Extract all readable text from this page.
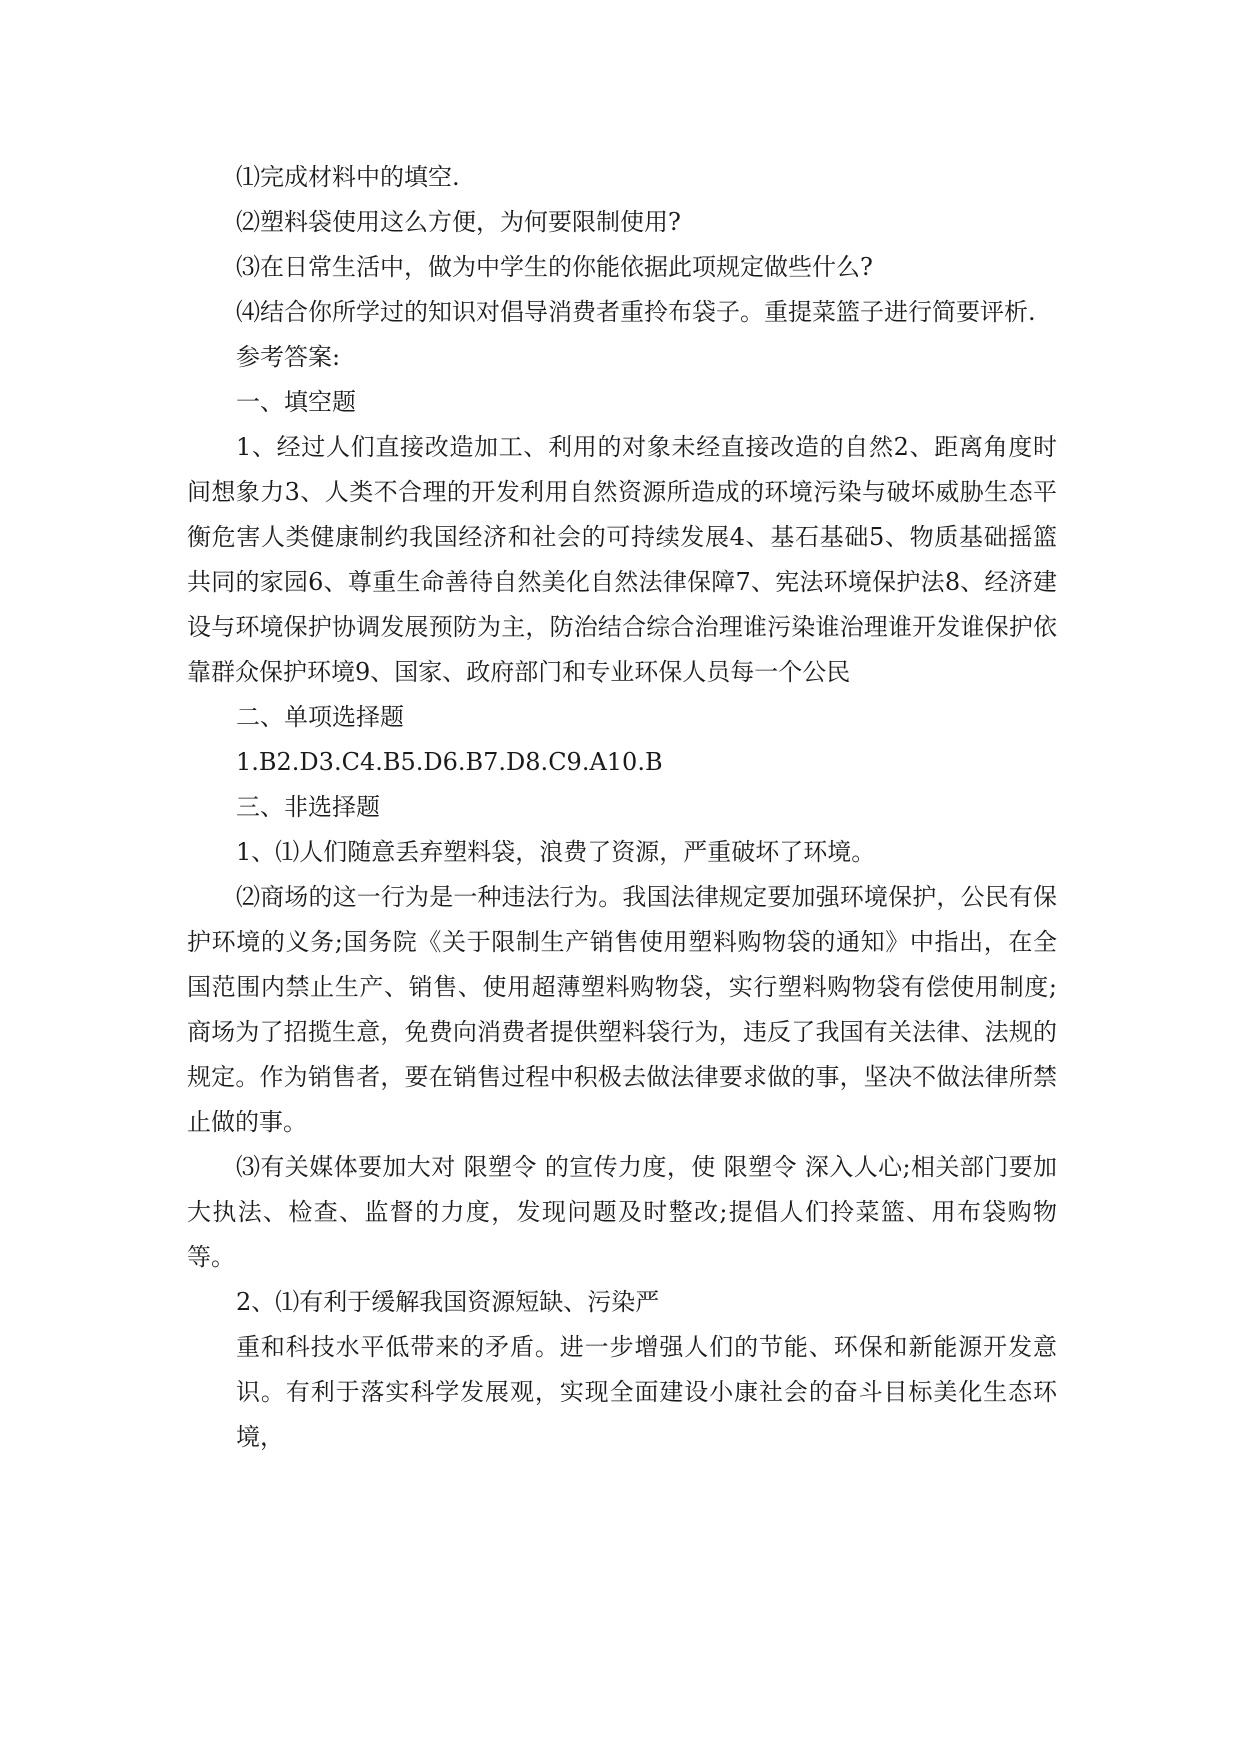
⑴完成材料中的填空.

⑵塑料袋使用这么方便，为何要限制使用?

⑶在日常生活中，做为中学生的你能依据此项规定做些什么?

⑷结合你所学过的知识对倡导消费者重拎布袋子。重提菜篮子进行简要评析.

参考答案:

一、填空题

1、经过人们直接改造加工、利用的对象未经直接改造的自然2、距离角度时间想象力3、人类不合理的开发利用自然资源所造成的环境污染与破坏威胁生态平衡危害人类健康制约我国经济和社会的可持续发展4、基石基础5、物质基础摇篮共同的家园6、尊重生命善待自然美化自然法律保障7、宪法环境保护法8、经济建设与环境保护协调发展预防为主，防治结合综合治理谁污染谁治理谁开发谁保护依靠群众保护环境9、国家、政府部门和专业环保人员每一个公民

二、单项选择题

1.B2.D3.C4.B5.D6.B7.D8.C9.A10.B

三、非选择题

1、⑴人们随意丢弃塑料袋，浪费了资源，严重破坏了环境。

⑵商场的这一行为是一种违法行为。我国法律规定要加强环境保护，公民有保护环境的义务;国务院《关于限制生产销售使用塑料购物袋的通知》中指出，在全国范围内禁止生产、销售、使用超薄塑料购物袋，实行塑料购物袋有偿使用制度;商场为了招揽生意，免费向消费者提供塑料袋行为，违反了我国有关法律、法规的规定。作为销售者，要在销售过程中积极去做法律要求做的事，坚决不做法律所禁止做的事。

⑶有关媒体要加大对 限塑令 的宣传力度，使 限塑令 深入人心;相关部门要加大执法、检查、监督的力度，发现问题及时整改;提倡人们拎菜篮、用布袋购物等。

2、⑴有利于缓解我国资源短缺、污染严

重和科技水平低带来的矛盾。进一步增强人们的节能、环保和新能源开发意识。有利于落实科学发展观，实现全面建设小康社会的奋斗目标美化生态环境，
